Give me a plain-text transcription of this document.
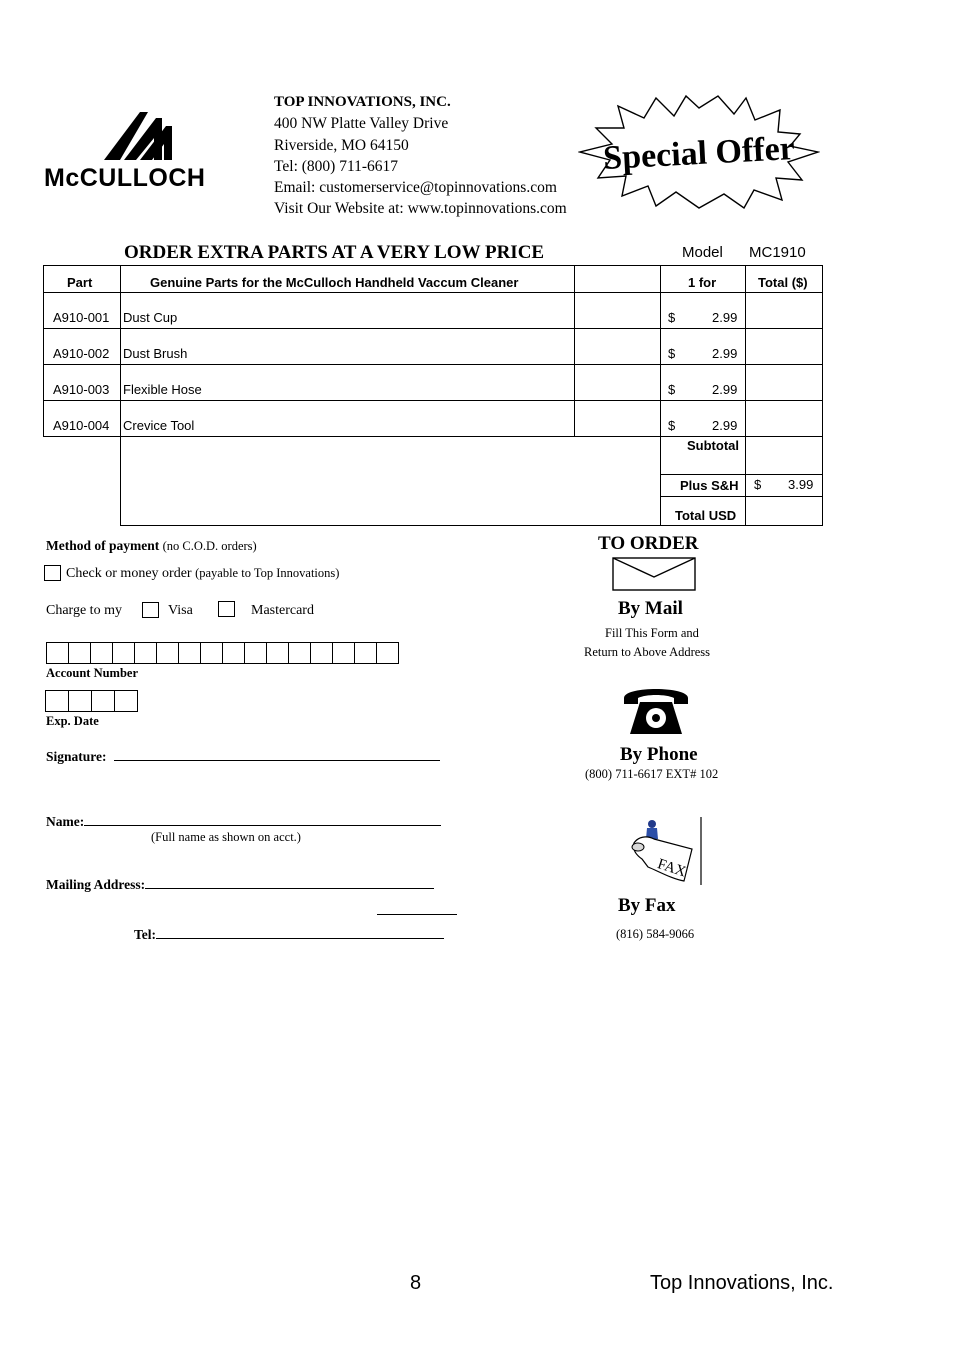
McCULLOCH
TOP INNOVATIONS, INC.
400 NW Platte Valley Drive
Riverside, MO 64150
Tel: (800) 711-6617
Email: customerservice@topinnovations.com
Visit Our Website at: www.topinnovations.com
Special Offer
ORDER EXTRA PARTS AT A VERY LOW PRICE	Model MC1910
Part	Genuine Parts for the McCulloch Handheld Vaccum Cleaner	1 for	Total ($)
A910-001 Dust Cup	$	2.99
A910-002 Dust Brush	$	2.99
A910-003 Flexible Hose	$	2.99
A910-004 Crevice Tool	$	2.99
Subtotal
Plus S&H $ 3.99
Total USD
Method of payment (no C.O.D. orders)
Check or money order (payable to Top Innovations)
Charge to my	Visa	Mastercard
Account Number
Exp. Date
Signature:
Name:
(Full name as shown on acct.)
Mailing Address:
Tel:
TO ORDER
By Mail
Fill This Form and
Return to Above Address
By Phone
(800) 711-6617 EXT# 102
FAX
By Fax
(816) 584-9066
8	Top Innovations, Inc.
